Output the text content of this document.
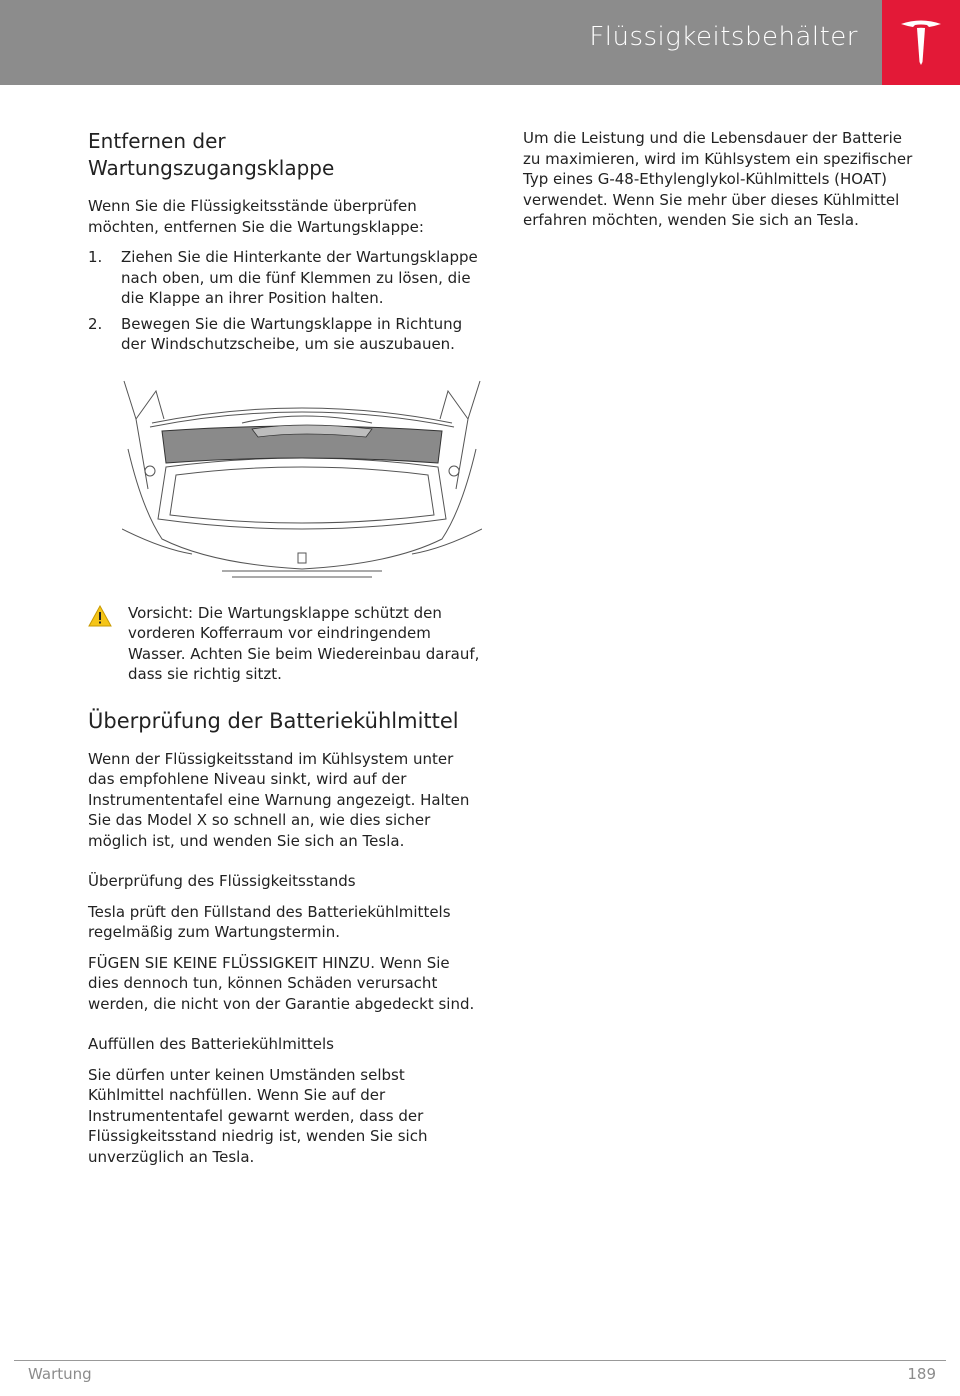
Flüssigkeitsbehälter
Entfernen der
Wartungszugangsklappe

Wenn Sie die Flüssigkeitsstände überprüfen möchten, entfernen Sie die Wartungsklappe:

1. Ziehen Sie die Hinterkante der Wartungsklappe nach oben, um die fünf Klemmen zu lösen, die die Klappe an ihrer Position halten.
2. Bewegen Sie die Wartungsklappe in Richtung der Windschutzscheibe, um sie auszubauen.

Vorsicht: Die Wartungsklappe schützt den vorderen Kofferraum vor eindringendem Wasser. Achten Sie beim Wiedereinbau darauf, dass sie richtig sitzt.

Überprüfung der Batteriekühlmittel

Wenn der Flüssigkeitsstand im Kühlsystem unter das empfohlene Niveau sinkt, wird auf der Instrumententafel eine Warnung angezeigt. Halten Sie das Model X so schnell an, wie dies sicher möglich ist, und wenden Sie sich an Tesla.

Überprüfung des Flüssigkeitsstands

Tesla prüft den Füllstand des Batteriekühlmittels regelmäßig zum Wartungstermin.

FÜGEN SIE KEINE FLÜSSIGKEIT HINZU. Wenn Sie dies dennoch tun, können Schäden verursacht werden, die nicht von der Garantie abgedeckt sind.

Auffüllen des Batteriekühlmittels

Sie dürfen unter keinen Umständen selbst Kühlmittel nachfüllen. Wenn Sie auf der Instrumententafel gewarnt werden, dass der Flüssigkeitsstand niedrig ist, wenden Sie sich unverzüglich an Tesla.

Um die Leistung und die Lebensdauer der Batterie zu maximieren, wird im Kühlsystem ein spezifischer Typ eines G-48-Ethylenglykol-Kühlmittels (HOAT) verwendet. Wenn Sie mehr über dieses Kühlmittel erfahren möchten, wenden Sie sich an Tesla.

Wartung	189
